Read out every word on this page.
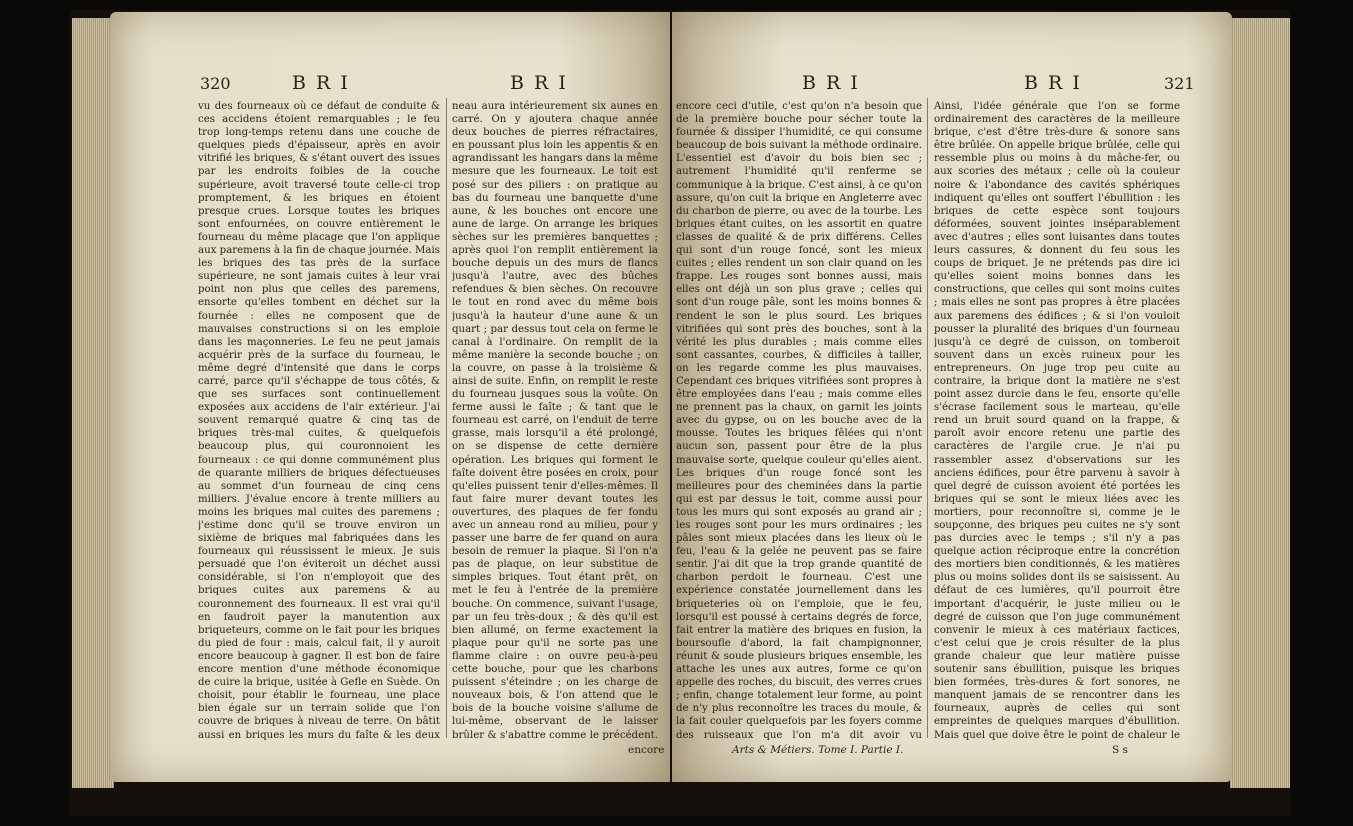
320	B R I	B R I
vu des fourneaux où ce défaut de conduite & ces accidens étoient remarquables ; le feu trop long-temps retenu dans une couche de quelques pieds d'épaisseur, après en avoir vitrifié les briques, & s'étant ouvert des issues par les endroits foibles de la couche supérieure, avoit traversé toute celle-ci trop promptement, & les briques en étoient presque crues. Lorsque toutes les briques sont enfournées, on couvre entièrement le fourneau du même placage que l'on applique aux paremens à la fin de chaque journée. Mais les briques des tas près de la surface supérieure, ne sont jamais cuites à leur vrai point non plus que celles des paremens, ensorte qu'elles tombent en déchet sur la fournée : elles ne composent que de mauvaises constructions si on les emploie dans les maçonneries. Le feu ne peut jamais acquérir près de la surface du fourneau, le même degré d'intensité que dans le corps carré, parce qu'il s'échappe de tous côtés, & que ses surfaces sont continuellement exposées aux accidens de l'air extérieur. J'ai souvent remarqué quatre & cinq tas de briques très-mal cuites, & quelquefois beaucoup plus, qui couronnoient les fourneaux : ce qui donne communément plus de quarante milliers de briques défectueuses au sommet d'un fourneau de cinq cens milliers. J'évalue encore à trente milliers au moins les briques mal cuites des paremens ; j'estime donc qu'il se trouve environ un sixième de briques mal fabriquées dans les fourneaux qui réussissent le mieux. Je suis persuadé que l'on éviteroit un déchet aussi considérable, si l'on n'employoit que des briques cuites aux paremens & au couronnement des fourneaux. Il est vrai qu'il en faudroit payer la manutention aux briqueteurs, comme on le fait pour les briques du pied de four : mais, calcul fait, il y auroit encore beaucoup à gagner. Il est bon de faire encore mention d'une méthode économique de cuire la brique, usitée à Gefle en Suède. On choisit, pour établir le fourneau, une place bien égale sur un terrain solide que l'on couvre de briques à niveau de terre. On bâtit aussi en briques les murs du faîte & les deux
neau aura intérieurement six aunes en carré. On y ajoutera chaque année deux bouches de pierres réfractaires, en poussant plus loin les appentis & en agrandissant les hangars dans la même mesure que les fourneaux. Le toit est posé sur des piliers : on pratique au bas du fourneau une banquette d'une aune, & les bouches ont encore une aune de large. On arrange les briques sèches sur les premières banquettes ; après quoi l'on remplit entièrement la bouche depuis un des murs de flancs jusqu'à l'autre, avec des bûches refendues & bien sèches. On recouvre le tout en rond avec du même bois jusqu'à la hauteur d'une aune & un quart ; par dessus tout cela on ferme le canal à l'ordinaire. On remplit de la même manière la seconde bouche ; on la couvre, on passe à la troisième & ainsi de suite. Enfin, on remplit le reste du fourneau jusques sous la voûte. On ferme aussi le faîte ; & tant que le fourneau est carré, on l'enduit de terre grasse, mais lorsqu'il a été prolongé, on se dispense de cette dernière opération. Les briques qui forment le faîte doivent être posées en croix, pour qu'elles puissent tenir d'elles-mêmes. Il faut faire murer devant toutes les ouvertures, des plaques de fer fondu avec un anneau rond au milieu, pour y passer une barre de fer quand on aura besoin de remuer la plaque. Si l'on n'a pas de plaque, on leur substitue de simples briques. Tout étant prêt, on met le feu à l'entrée de la première bouche. On commence, suivant l'usage, par un feu très-doux ; & dès qu'il est bien allumé, on ferme exactement la plaque pour qu'il ne sorte pas une flamme claire : on ouvre peu-à-peu cette bouche, pour que les charbons puissent s'éteindre ; on les charge de nouveaux bois, & l'on attend que le bois de la bouche voisine s'allume de lui-même, observant de le laisser brûler & s'abattre comme le précédent.
encore
B R I	B R I	321
encore ceci d'utile, c'est qu'on n'a besoin que de la première bouche pour sécher toute la fournée & dissiper l'humidité, ce qui consume beaucoup de bois suivant la méthode ordinaire. L'essentiel est d'avoir du bois bien sec ; autrement l'humidité qu'il renferme se communique à la brique. C'est ainsi, à ce qu'on assure, qu'on cuit la brique en Angleterre avec du charbon de pierre, ou avec de la tourbe. Les briques étant cuites, on les assortit en quatre classes de qualité & de prix différens. Celles qui sont d'un rouge foncé, sont les mieux cuites ; elles rendent un son clair quand on les frappe. Les rouges sont bonnes aussi, mais elles ont déjà un son plus grave ; celles qui sont d'un rouge pâle, sont les moins bonnes & rendent le son le plus sourd. Les briques vitrifiées qui sont près des bouches, sont à la vérité les plus durables ; mais comme elles sont cassantes, courbes, & difficiles à tailler, on les regarde comme les plus mauvaises. Cependant ces briques vitrifiées sont propres à être employées dans l'eau ; mais comme elles ne prennent pas la chaux, on garnit les joints avec du gypse, ou on les bouche avec de la mousse. Toutes les briques fêlées qui n'ont aucun son, passent pour être de la plus mauvaise sorte, quelque couleur qu'elles aient. Les briques d'un rouge foncé sont les meilleures pour des cheminées dans la partie qui est par dessus le toit, comme aussi pour tous les murs qui sont exposés au grand air ; les rouges sont pour les murs ordinaires ; les pâles sont mieux placées dans les lieux où le feu, l'eau & la gelée ne peuvent pas se faire sentir. J'ai dit que la trop grande quantité de charbon perdoit le fourneau. C'est une expérience constatée journellement dans les briqueteries où on l'emploie, que le feu, lorsqu'il est poussé à certains degrés de force, fait entrer la matière des briques en fusion, la boursoufle d'abord, la fait champignonner, réunit & soude plusieurs briques ensemble, les attache les unes aux autres, forme ce qu'on appelle des roches, du biscuit, des verres crues ; enfin, change totalement leur forme, au point de n'y plus reconnoître les traces du moule, & la fait couler quelquefois par les foyers comme des ruisseaux que l'on m'a dit avoir vu
Ainsi, l'idée générale que l'on se forme ordinairement des caractères de la meilleure brique, c'est d'être très-dure & sonore sans être brûlée. On appelle brique brûlée, celle qui ressemble plus ou moins à du mâche-fer, ou aux scories des métaux ; celle où la couleur noire & l'abondance des cavités sphériques indiquent qu'elles ont souffert l'ébullition : les briques de cette espèce sont toujours déformées, souvent jointes inséparablement avec d'autres ; elles sont luisantes dans toutes leurs cassures, & donnent du feu sous les coups de briquet. Je ne prétends pas dire ici qu'elles soient moins bonnes dans les constructions, que celles qui sont moins cuites ; mais elles ne sont pas propres à être placées aux paremens des édifices ; & si l'on vouloit pousser la pluralité des briques d'un fourneau jusqu'à ce degré de cuisson, on tomberoit souvent dans un excès ruineux pour les entrepreneurs. On juge trop peu cuite au contraire, la brique dont la matière ne s'est point assez durcie dans le feu, ensorte qu'elle s'écrase facilement sous le marteau, qu'elle rend un bruit sourd quand on la frappe, & paroît avoir encore retenu une partie des caractères de l'argile crue. Je n'ai pu rassembler assez d'observations sur les anciens édifices, pour être parvenu à savoir à quel degré de cuisson avoient été portées les briques qui se sont le mieux liées avec les mortiers, pour reconnoître si, comme je le soupçonne, des briques peu cuites ne s'y sont pas durcies avec le temps ; s'il n'y a pas quelque action réciproque entre la concrétion des mortiers bien conditionnés, & les matières plus ou moins solides dont ils se saisissent. Au défaut de ces lumières, qu'il pourroit être important d'acquérir, le juste milieu ou le degré de cuisson que l'on juge communément convenir le mieux à ces matériaux factices, c'est celui que je crois résulter de la plus grande chaleur que leur matière puisse soutenir sans ébullition, puisque les briques bien formées, très-dures & fort sonores, ne manquent jamais de se rencontrer dans les fourneaux, auprès de celles qui sont empreintes de quelques marques d'ébullition. Mais quel que doive être le point de chaleur le
Arts & Métiers. Tome I. Partie I.	S s
